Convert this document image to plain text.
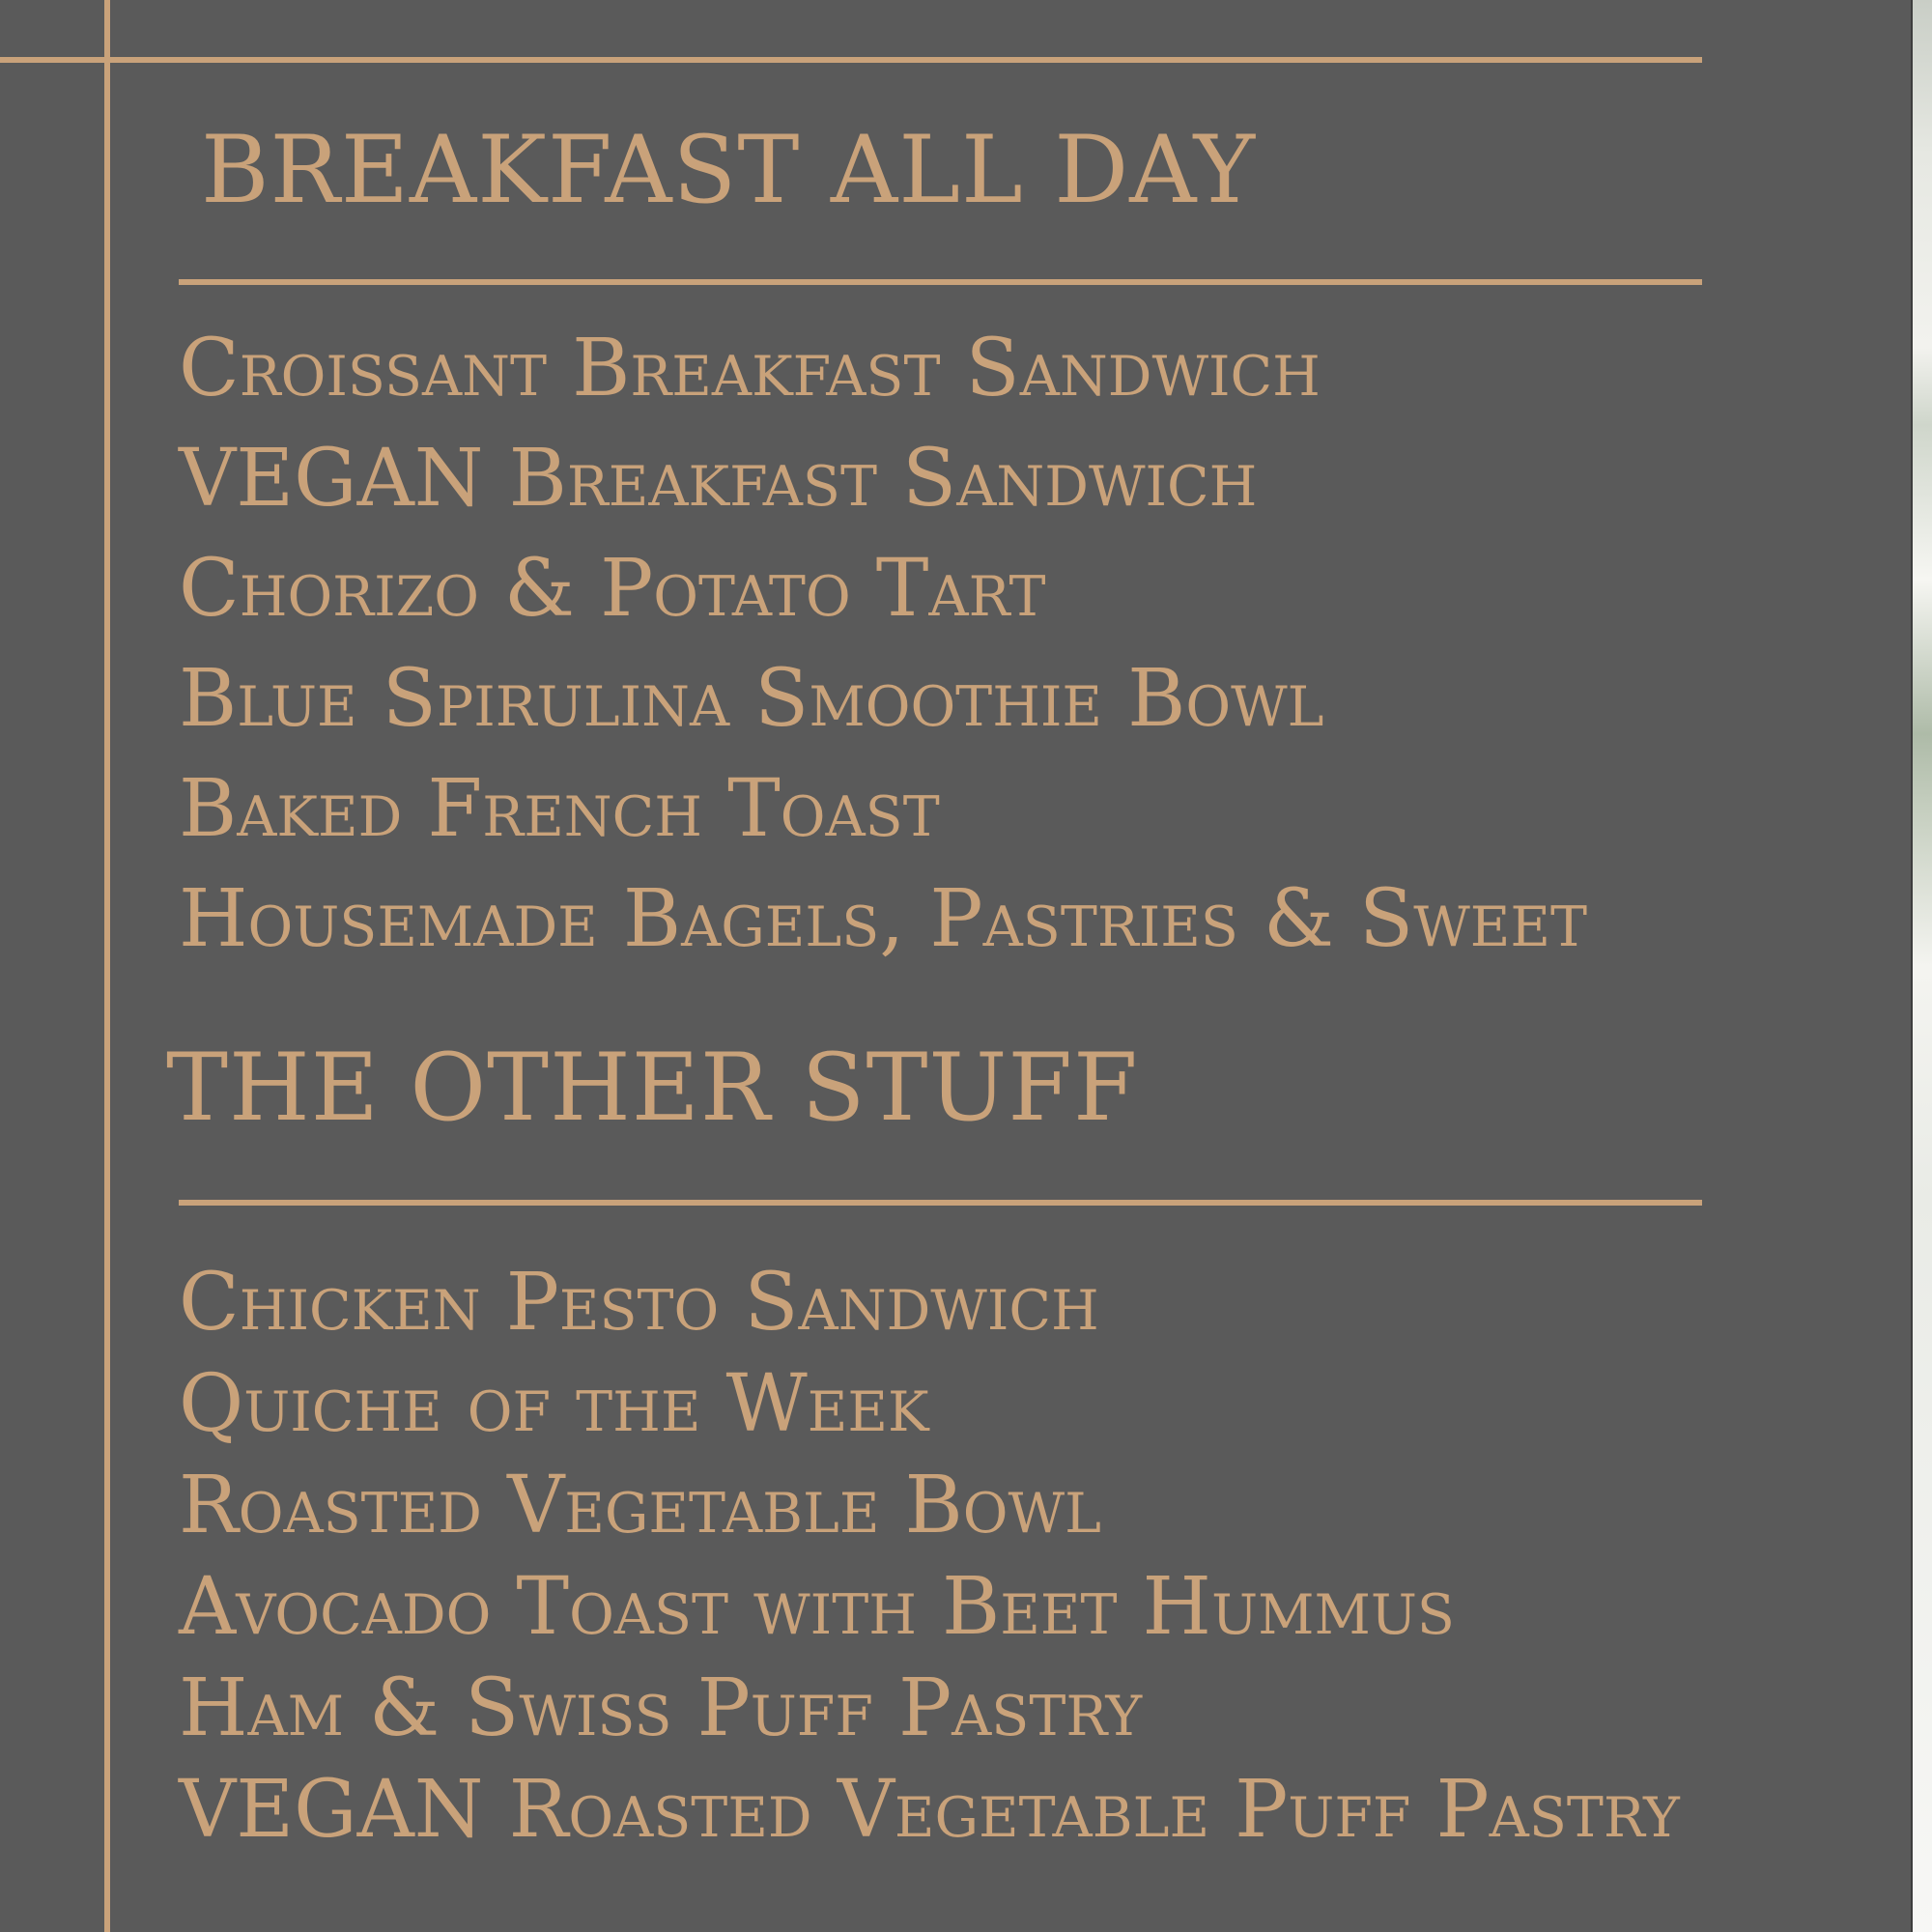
BREAKFAST ALL DAY
Croissant Breakfast Sandwich
VEGAN Breakfast Sandwich
Chorizo & Potato Tart
Blue Spirulina Smoothie Bowl
Baked French Toast
Housemade Bagels, Pastries & Sweet
THE OTHER STUFF
Chicken Pesto Sandwich
Quiche of the Week
Roasted Vegetable Bowl
Avocado Toast with Beet Hummus
Ham & Swiss Puff Pastry
VEGAN Roasted Vegetable Puff Pastry
